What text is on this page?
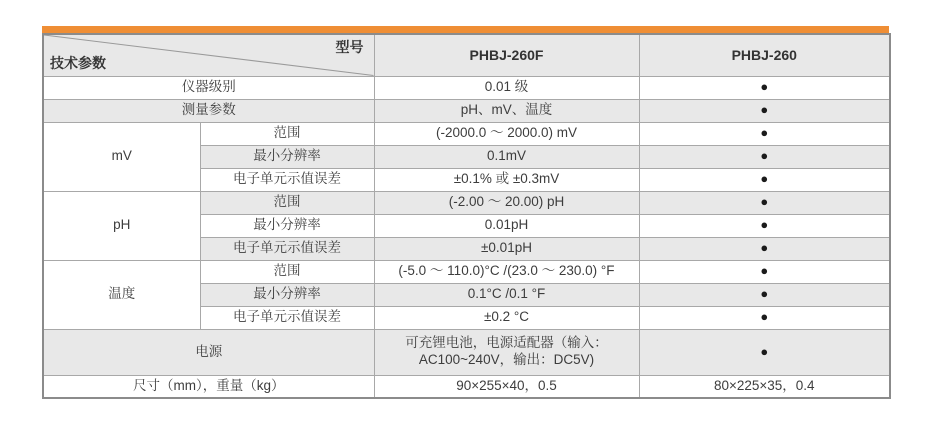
型号
技术参数		PHBJ-260F	PHBJ-260
仪器级别		0.01 级	●
测量参数		pH、mV、温度	●
mV	范围	(-2000.0 ～ 2000.0) mV	●
	最小分辨率	0.1mV	●
	电子单元示值误差	±0.1% 或 ±0.3mV	●
pH	范围	(-2.00 ～ 20.00) pH	●
	最小分辨率	0.01pH	●
	电子单元示值误差	±0.01pH	●
温度	范围	(-5.0 ～ 110.0)°C /(23.0 ～ 230.0) °F	●
	最小分辨率	0.1°C /0.1 °F	●
	电子单元示值误差	±0.2 °C	●
电源		可充锂电池，电源适配器（输入：AC100~240V，输出：DC5V)	●
尺寸（mm），重量（kg）		90×255×40，0.5	80×225×35，0.4
